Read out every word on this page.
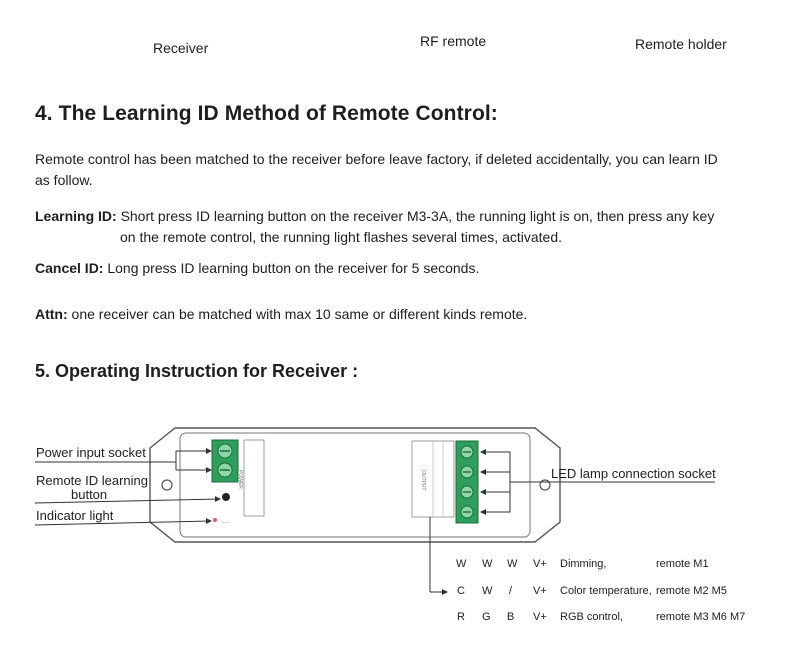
Receiver	RF remote	Remote holder
4. The Learning ID Method of Remote Control:
Remote control has been matched to the receiver before leave factory, if deleted accidentally, you can learn ID
as follow.
Learning ID: Short press ID learning button on the receiver M3-3A, the running light is on, then press any key
on the remote control, the running light flashes several times, activated.
Cancel ID: Long press ID learning button on the receiver for 5 seconds.
Attn: one receiver can be matched with max 10 same or different kinds remote.
5. Operating Instruction for Receiver :
-----
POWER	OUTPUT
Power input socket
Remote ID learning
button
Indicator light
LED lamp connection socket
W W W V+ Dimming,	remote M1
C W / V+ Color temperature, remote M2 M5
R G B V+ RGB control,	remote M3 M6 M7
